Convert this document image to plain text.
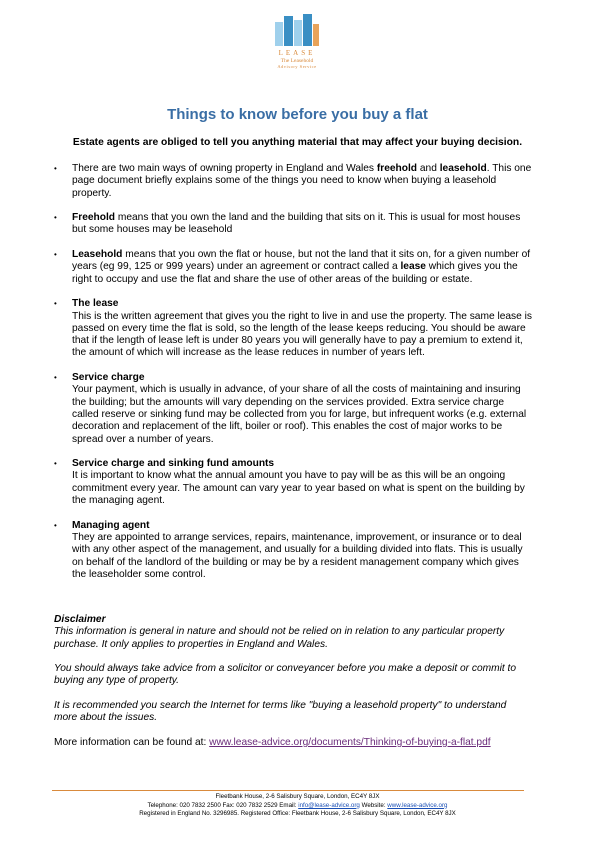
LEASE
The Leasehold
Advisory Service
Things to know before you buy a flat
Estate agents are obliged to tell you anything material that may affect your buying decision.
• There are two main ways of owning property in England and Wales freehold and leasehold. This one page document briefly explains some of the things you need to know when buying a leasehold property.
• Freehold means that you own the land and the building that sits on it. This is usual for most houses but some houses may be leasehold
• Leasehold means that you own the flat or house, but not the land that it sits on, for a given number of years (eg 99, 125 or 999 years) under an agreement or contract called a lease which gives you the right to occupy and use the flat and share the use of other areas of the building or estate.
• The lease
This is the written agreement that gives you the right to live in and use the property. The same lease is passed on every time the flat is sold, so the length of the lease keeps reducing. You should be aware that if the length of lease left is under 80 years you will generally have to pay a premium to extend it, the amount of which will increase as the lease reduces in number of years left.
• Service charge
Your payment, which is usually in advance, of your share of all the costs of maintaining and insuring the building; but the amounts will vary depending on the services provided. Extra service charge called reserve or sinking fund may be collected from you for large, but infrequent works (e.g. external decoration and replacement of the lift, boiler or roof). This enables the cost of major works to be spread over a number of years.
• Service charge and sinking fund amounts
It is important to know what the annual amount you have to pay will be as this will be an ongoing commitment every year. The amount can vary year to year based on what is spent on the building by the managing agent.
• Managing agent
They are appointed to arrange services, repairs, maintenance, improvement, or insurance or to deal with any other aspect of the management, and usually for a building divided into flats. This is usually on behalf of the landlord of the building or may be by a resident management company which gives the leaseholder some control.

Disclaimer
This information is general in nature and should not be relied on in relation to any particular property purchase. It only applies to properties in England and Wales.

You should always take advice from a solicitor or conveyancer before you make a deposit or commit to buying any type of property.

It is recommended you search the Internet for terms like "buying a leasehold property" to understand more about the issues.

More information can be found at: www.lease-advice.org/documents/Thinking-of-buying-a-flat.pdf

Fleetbank House, 2-6 Salisbury Square, London, EC4Y 8JX
Telephone: 020 7832 2500 Fax: 020 7832 2529 Email: info@lease-advice.org Website: www.lease-advice.org
Registered in England No. 3296985. Registered Office: Fleetbank House, 2-6 Salisbury Square, London, EC4Y 8JX
